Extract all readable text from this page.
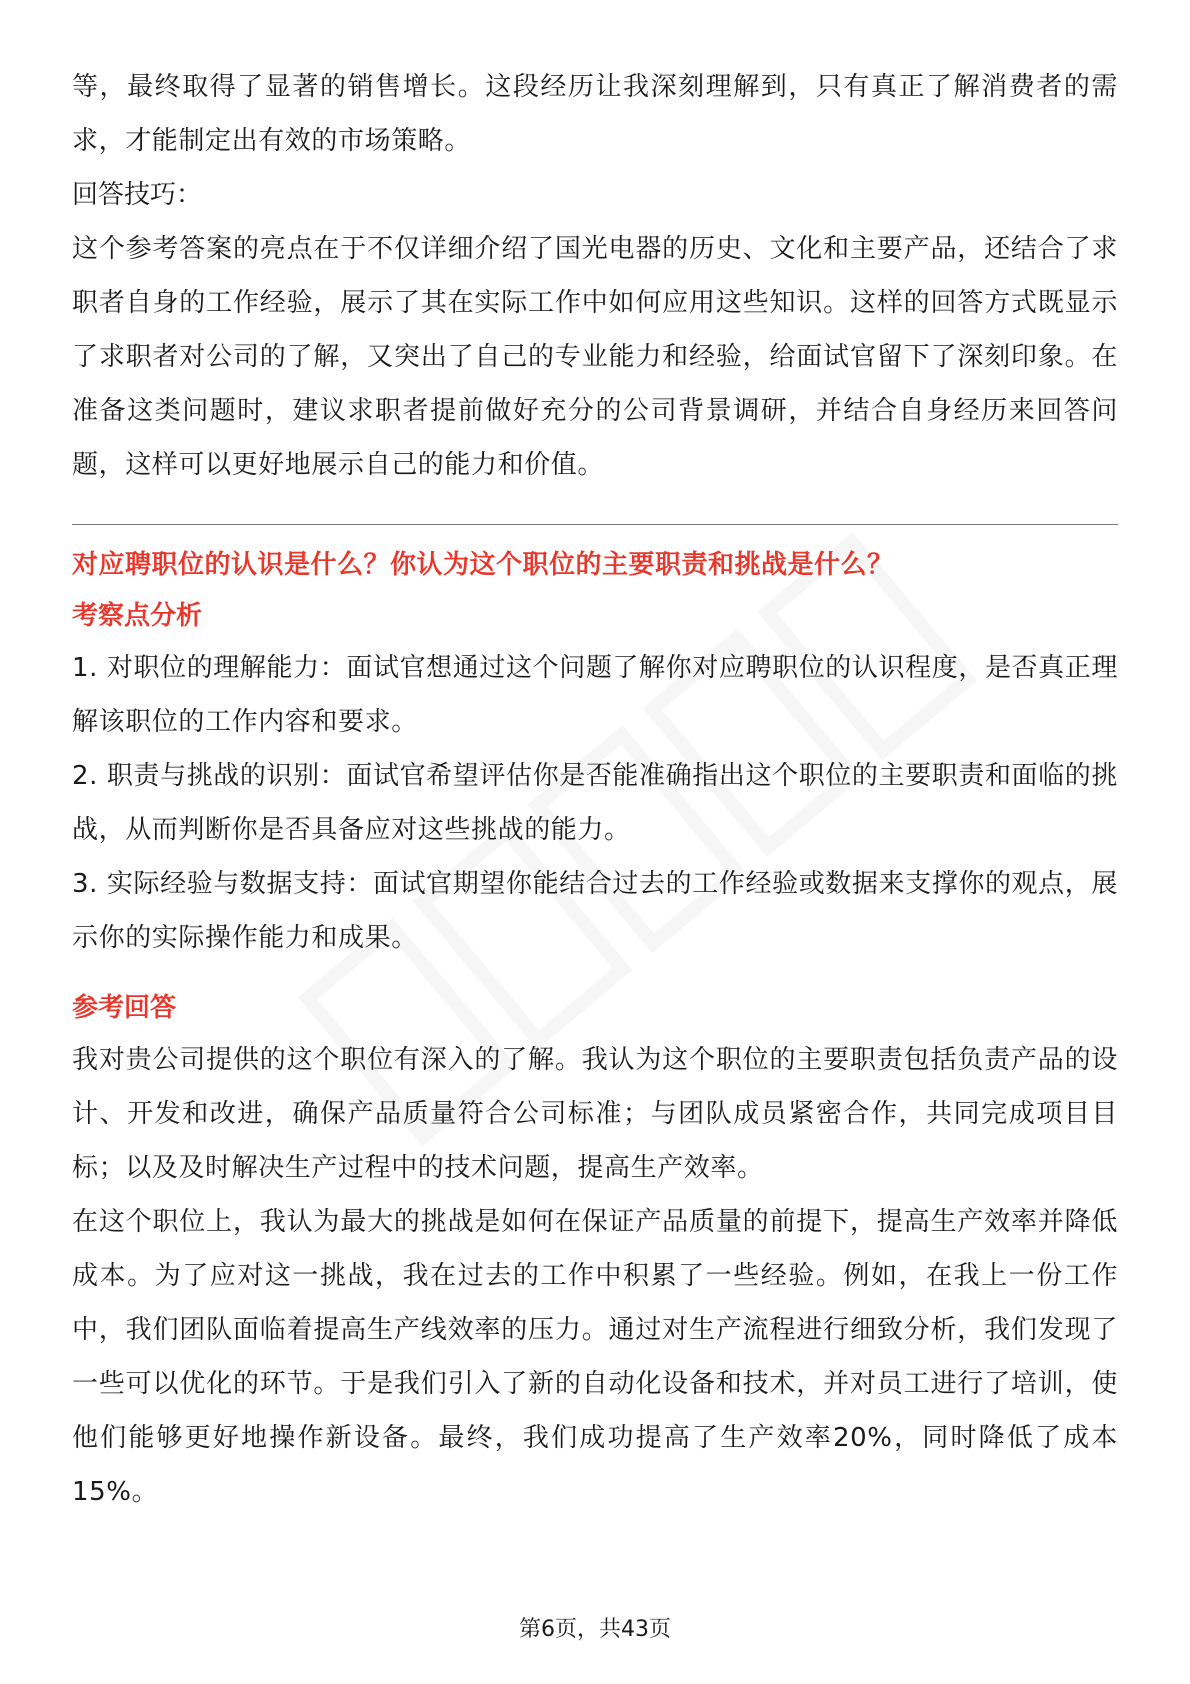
等，最终取得了显著的销售增长。这段经历让我深刻理解到，只有真正了解消费者的需求，才能制定出有效的市场策略。

回答技巧：

这个参考答案的亮点在于不仅详细介绍了国光电器的历史、文化和主要产品，还结合了求职者自身的工作经验，展示了其在实际工作中如何应用这些知识。这样的回答方式既显示了求职者对公司的了解，又突出了自己的专业能力和经验，给面试官留下了深刻印象。在准备这类问题时，建议求职者提前做好充分的公司背景调研，并结合自身经历来回答问题，这样可以更好地展示自己的能力和价值。

对应聘职位的认识是什么？你认为这个职位的主要职责和挑战是什么？

考察点分析

1. 对职位的理解能力：面试官想通过这个问题了解你对应聘职位的认识程度，是否真正理解该职位的工作内容和要求。

2. 职责与挑战的识别：面试官希望评估你是否能准确指出这个职位的主要职责和面临的挑战，从而判断你是否具备应对这些挑战的能力。

3. 实际经验与数据支持：面试官期望你能结合过去的工作经验或数据来支撑你的观点，展示你的实际操作能力和成果。

参考回答

我对贵公司提供的这个职位有深入的了解。我认为这个职位的主要职责包括负责产品的设计、开发和改进，确保产品质量符合公司标准；与团队成员紧密合作，共同完成项目目标；以及及时解决生产过程中的技术问题，提高生产效率。

在这个职位上，我认为最大的挑战是如何在保证产品质量的前提下，提高生产效率并降低成本。为了应对这一挑战，我在过去的工作中积累了一些经验。例如，在我上一份工作中，我们团队面临着提高生产线效率的压力。通过对生产流程进行细致分析，我们发现了一些可以优化的环节。于是我们引入了新的自动化设备和技术，并对员工进行了培训，使他们能够更好地操作新设备。最终，我们成功提高了生产效率20%，同时降低了成本15%。

第6页，共43页
